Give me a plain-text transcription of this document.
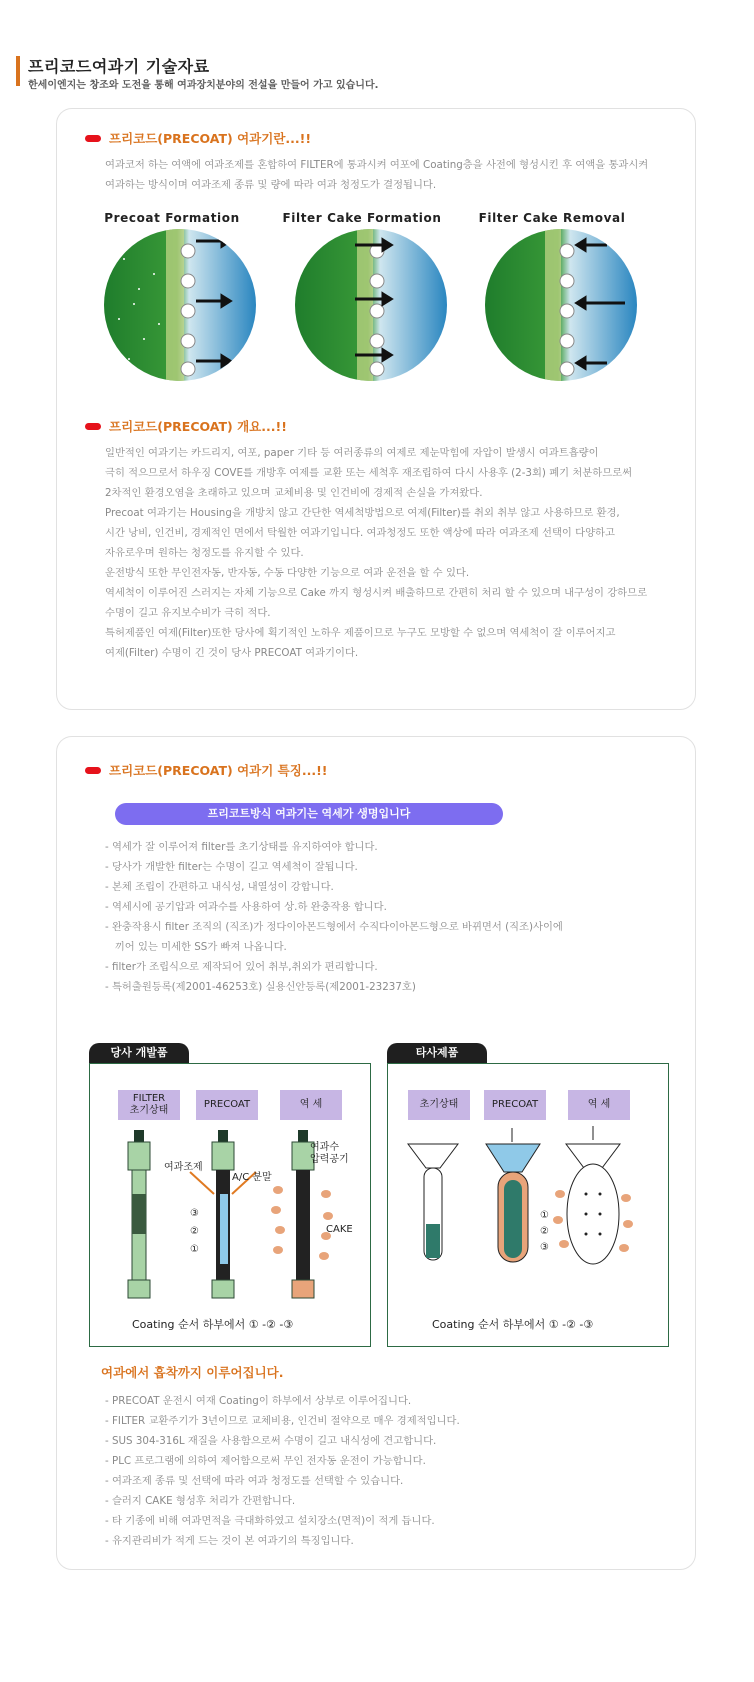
프리코드여과기 기술자료
한세이엔지는 창조와 도전을 통해 여과장치분야의 전설을 만들어 가고 있습니다.
프리코드(PRECOAT) 여과기란...!!
여과코저 하는 여액에 여과조제를 혼합하여 FILTER에 통과시켜 여포에 Coating층을 사전에 형성시킨 후 여액을 통과시켜
여과하는 방식이며 여과조제 종류 및 량에 따라 여과 청정도가 결정됩니다.
Precoat Formation	Filter Cake Formation	Filter Cake Removal
프리코드(PRECOAT) 개요...!!
일반적인 여과기는 카드리지, 여포, paper 기타 등 여러종류의 여제로 제눈막힘에 자압이 발생시 여과트흡량이
극히 적으므로서 하우징 COVE를 개방후 여제를 교환 또는 세척후 재조립하여 다시 사용후 (2-3회) 폐기 처분하므로써
2차적인 환경오염을 초래하고 있으며 교체비용 및 인건비에 경제적 손실을 가져왔다.
Precoat 여과기는 Housing을 개방치 않고 간단한 역세척방법으로 여제(Filter)를 취외 취부 않고 사용하므로 환경,
시간 낭비, 인건비, 경제적인 면에서 탁월한 여과기입니다. 여과청정도 또한 액상에 따라 여과조제 선택이 다양하고
자유로우며 원하는 청정도를 유지할 수 있다.
운전방식 또한 무인전자동, 반자동, 수동 다양한 기능으로 여과 운전을 할 수 있다.
역세척이 이루어진 스러지는 자체 기능으로 Cake 까지 형성시켜 배출하므로 간편히 처리 할 수 있으며 내구성이 강하므로
수명이 길고 유지보수비가 극히 적다.
특허제품인 여제(Filter)또한 당사에 획기적인 노하우 제품이므로 누구도 모방할 수 없으며 역세척이 잘 이루어지고
여제(Filter) 수명이 긴 것이 당사 PRECOAT 여과기이다.
프리코드(PRECOAT) 여과기 특징...!!
프리코트방식 여과기는 역세가 생명입니다
- 역세가 잘 이루어져 filter를 초기상태를 유지하여야 합니다.
- 당사가 개발한 filter는 수명이 길고 역세척이 잘됩니다.
- 본체 조립이 간편하고 내식성, 내열성이 강합니다.
- 역세시에 공기압과 여과수를 사용하여 상.하 완충작용 합니다.
- 완충작용시 filter 조직의 (직조)가 정다이아몬드형에서 수직다이아몬드형으로 바뀌면서 (직조)사이에
끼어 있는 미세한 SS가 빠져 나옵니다.
- filter가 조립식으로 제작되어 있어 취부,취외가 편리합니다.
- 특허출원등록(제2001-46253호) 실용신안등록(제2001-23237호)
당사 개발품
FILTER
초기상태
PRECOAT	역 세
여과조제
A/C 분말
여과수
압력공기
CAKE
③
②
①
Coating 순서 하부에서 ① -② -③
타사제품
초기상태	PRECOAT	역 세
①
②
③
Coating 순서 하부에서 ① -② -③
여과에서 흡착까지 이루어집니다.
- PRECOAT 운전시 여재 Coating이 하부에서 상부로 이루어집니다.
- FILTER 교환주기가 3년이므로 교체비용, 인건비 절약으로 매우 경제적입니다.
- SUS 304-316L 재질을 사용함으로써 수명이 길고 내식성에 견고합니다.
- PLC 프로그램에 의하여 제어함으로써 무인 전자동 운전이 가능합니다.
- 여과조제 종류 및 선택에 따라 여과 청정도를 선택할 수 있습니다.
- 슬러지 CAKE 형성후 처리가 간편합니다.
- 타 기종에 비해 여과면적을 극대화하였고 설치장소(면적)이 적게 듭니다.
- 유지관리비가 적게 드는 것이 본 여과기의 특징입니다.
